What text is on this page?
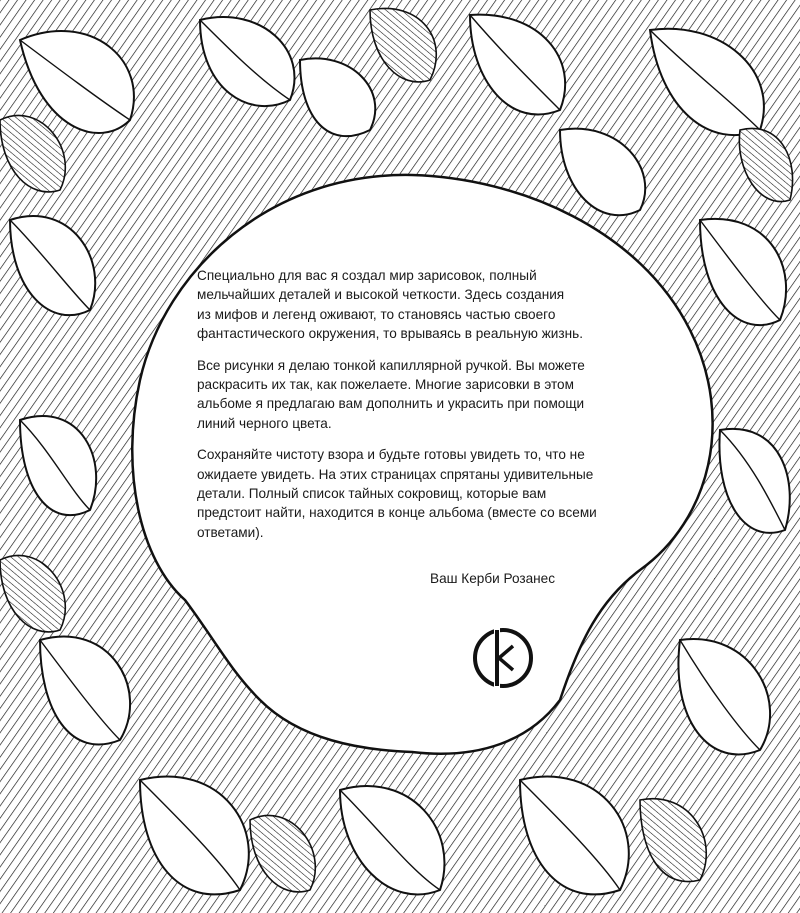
Специально для вас я создал мир зарисовок, полный
мельчайших деталей и высокой четкости. Здесь создания
из мифов и легенд оживают, то становясь частью своего
фантастического окружения, то врываясь в реальную жизнь.

Все рисунки я делаю тонкой капиллярной ручкой. Вы можете
раскрасить их так, как пожелаете. Многие зарисовки в этом
альбоме я предлагаю вам дополнить и украсить при помощи
линий черного цвета.

Сохраняйте чистоту взора и будьте готовы увидеть то, что не
ожидаете увидеть. На этих страницах спрятаны удивительные
детали. Полный список тайных сокровищ, которые вам
предстоит найти, находится в конце альбома (вместе со всеми
ответами).

Ваш Керби Розанес
